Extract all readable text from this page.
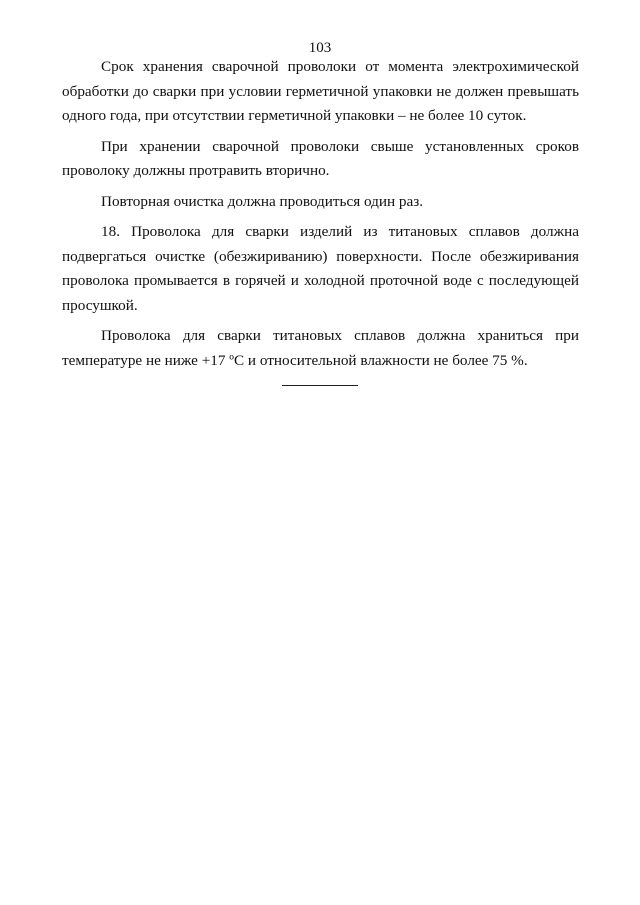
103

Срок хранения сварочной проволоки от момента электрохимической обработки до сварки при условии герметичной упаковки не должен превышать одного года, при отсутствии герметичной упаковки – не более 10 суток.

При хранении сварочной проволоки свыше установленных сроков проволоку должны протравить вторично.

Повторная очистка должна проводиться один раз.

18. Проволока для сварки изделий из титановых сплавов должна подвергаться очистке (обезжириванию) поверхности. После обезжиривания проволока промывается в горячей и холодной проточной воде с последующей просушкой.

Проволока для сварки титановых сплавов должна храниться при температуре не ниже +17 ºС и относительной влажности не более 75 %.
